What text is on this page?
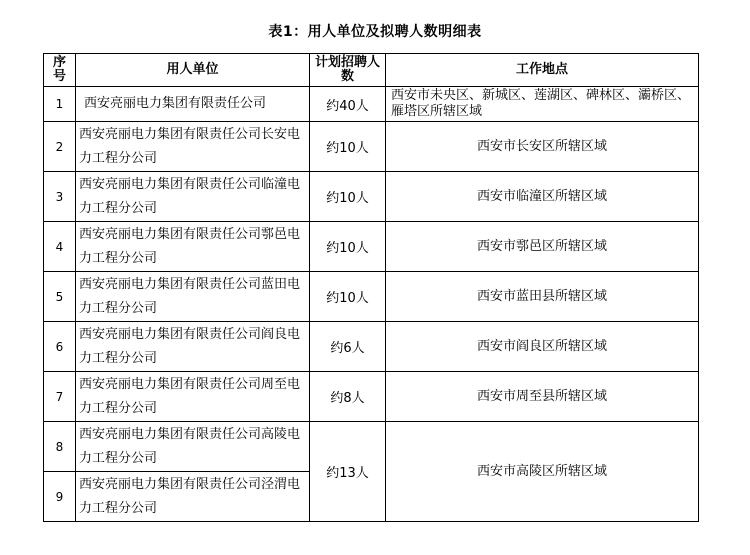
表1：用人单位及拟聘人数明细表
序号	用人单位	计划招聘人数	工作地点
1	西安亮丽电力集团有限责任公司	约40人	西安市未央区、新城区、莲湖区、碑林区、灞桥区、雁塔区所辖区域
2	西安亮丽电力集团有限责任公司长安电力工程分公司	约10人	西安市长安区所辖区域
3	西安亮丽电力集团有限责任公司临潼电力工程分公司	约10人	西安市临潼区所辖区域
4	西安亮丽电力集团有限责任公司鄠邑电力工程分公司	约10人	西安市鄠邑区所辖区域
5	西安亮丽电力集团有限责任公司蓝田电力工程分公司	约10人	西安市蓝田县所辖区域
6	西安亮丽电力集团有限责任公司阎良电力工程分公司	约6人	西安市阎良区所辖区域
7	西安亮丽电力集团有限责任公司周至电力工程分公司	约8人	西安市周至县所辖区域
8	西安亮丽电力集团有限责任公司高陵电力工程分公司	约13人	西安市高陵区所辖区域
9	西安亮丽电力集团有限责任公司泾渭电力工程分公司		
